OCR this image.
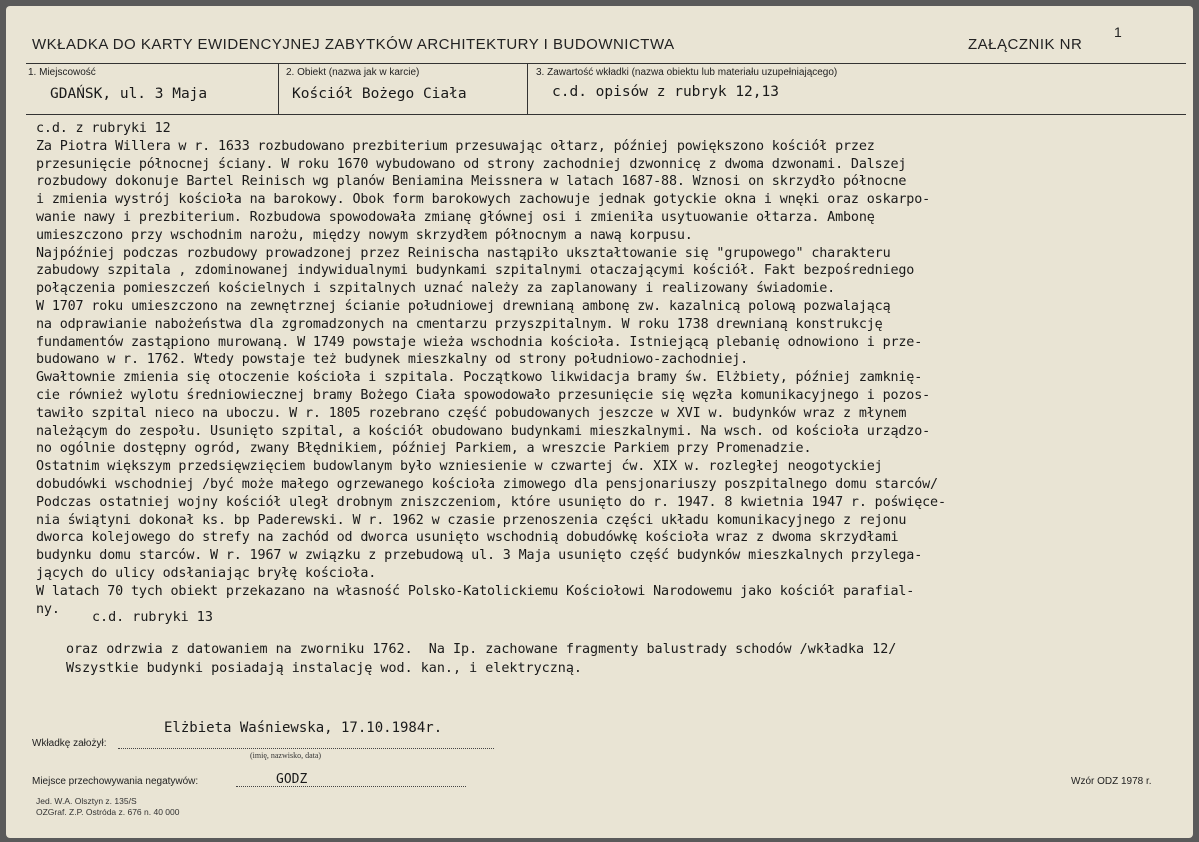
WKŁADKA DO KARTY EWIDENCYJNEJ ZABYTKÓW ARCHITEKTURY I BUDOWNICTWA	ZAŁĄCZNIK NR
1
1. Miejscowość
GDAŃSK, ul. 3 Maja
2. Obiekt (nazwa jak w karcie)
Kościół Bożego Ciała
3. Zawartość wkładki (nazwa obiektu lub materiału uzupełniającego)
c.d. opisów z rubryk 12,13
c.d. z rubryki 12
Za Piotra Willera w r. 1633 rozbudowano prezbiterium przesuwając ołtarz, później powiększono kościół przez
przesunięcie północnej ściany. W roku 1670 wybudowano od strony zachodniej dzwonnicę z dwoma dzwonami. Dalszej
rozbudowy dokonuje Bartel Reinisch wg planów Beniamina Meissnera w latach 1687-88. Wznosi on skrzydło północne
i zmienia wystrój kościoła na barokowy. Obok form barokowych zachowuje jednak gotyckie okna i wnęki oraz oskarpo-
wanie nawy i prezbiterium. Rozbudowa spowodowała zmianę głównej osi i zmieniła usytuowanie ołtarza. Ambonę
umieszczono przy wschodnim narożu, między nowym skrzydłem północnym a nawą korpusu.
Najpóźniej podczas rozbudowy prowadzonej przez Reinischa nastąpiło ukształtowanie się "grupowego" charakteru
zabudowy szpitala , zdominowanej indywidualnymi budynkami szpitalnymi otaczającymi kościół. Fakt bezpośredniego
połączenia pomieszczeń kościelnych i szpitalnych uznać należy za zaplanowany i realizowany świadomie.
W 1707 roku umieszczono na zewnętrznej ścianie południowej drewnianą ambonę zw. kazalnicą polową pozwalającą
na odprawianie nabożeństwa dla zgromadzonych na cmentarzu przyszpitalnym. W roku 1738 drewnianą konstrukcję
fundamentów zastąpiono murowaną. W 1749 powstaje wieża wschodnia kościoła. Istniejącą plebanię odnowiono i prze-
budowano w r. 1762. Wtedy powstaje też budynek mieszkalny od strony południowo-zachodniej.
Gwałtownie zmienia się otoczenie kościoła i szpitala. Początkowo likwidacja bramy św. Elżbiety, później zamknię-
cie również wylotu średniowiecznej bramy Bożego Ciała spowodowało przesunięcie się węzła komunikacyjnego i pozos-
tawiło szpital nieco na uboczu. W r. 1805 rozebrano część pobudowanych jeszcze w XVI w. budynków wraz z młynem
należącym do zespołu. Usunięto szpital, a kościół obudowano budynkami mieszkalnymi. Na wsch. od kościoła urządzo-
no ogólnie dostępny ogród, zwany Błędnikiem, później Parkiem, a wreszcie Parkiem przy Promenadzie.
Ostatnim większym przedsięwzięciem budowlanym było wzniesienie w czwartej ćw. XIX w. rozległej neogotyckiej
dobudówki wschodniej /być może małego ogrzewanego kościoła zimowego dla pensjonariuszy poszpitalnego domu starców/
Podczas ostatniej wojny kościół uległ drobnym zniszczeniom, które usunięto do r. 1947. 8 kwietnia 1947 r. poświęce-
nia świątyni dokonał ks. bp Paderewski. W r. 1962 w czasie przenoszenia części układu komunikacyjnego z rejonu
dworca kolejowego do strefy na zachód od dworca usunięto wschodnią dobudówkę kościoła wraz z dwoma skrzydłami
budynku domu starców. W r. 1967 w związku z przebudową ul. 3 Maja usunięto część budynków mieszkalnych przylega-
jących do ulicy odsłaniając bryłę kościoła.
W latach 70 tych obiekt przekazano na własność Polsko-Katolickiemu Kościołowi Narodowemu jako kościół parafial-
ny.
c.d. rubryki 13
oraz odrzwia z datowaniem na zworniku 1762.  Na Ip. zachowane fragmenty balustrady schodów /wkładka 12/
Wszystkie budynki posiadają instalację wod. kan., i elektryczną.
Elżbieta Waśniewska, 17.10.1984r.
Wkładkę założył:
(imię, nazwisko, data)
Miejsce przechowywania negatywów:	GODZ
Jed. W.A. Olsztyn z. 135/S
OZGraf. Z.P. Ostróda z. 676 n. 40 000
Wzór ODZ 1978 r.
